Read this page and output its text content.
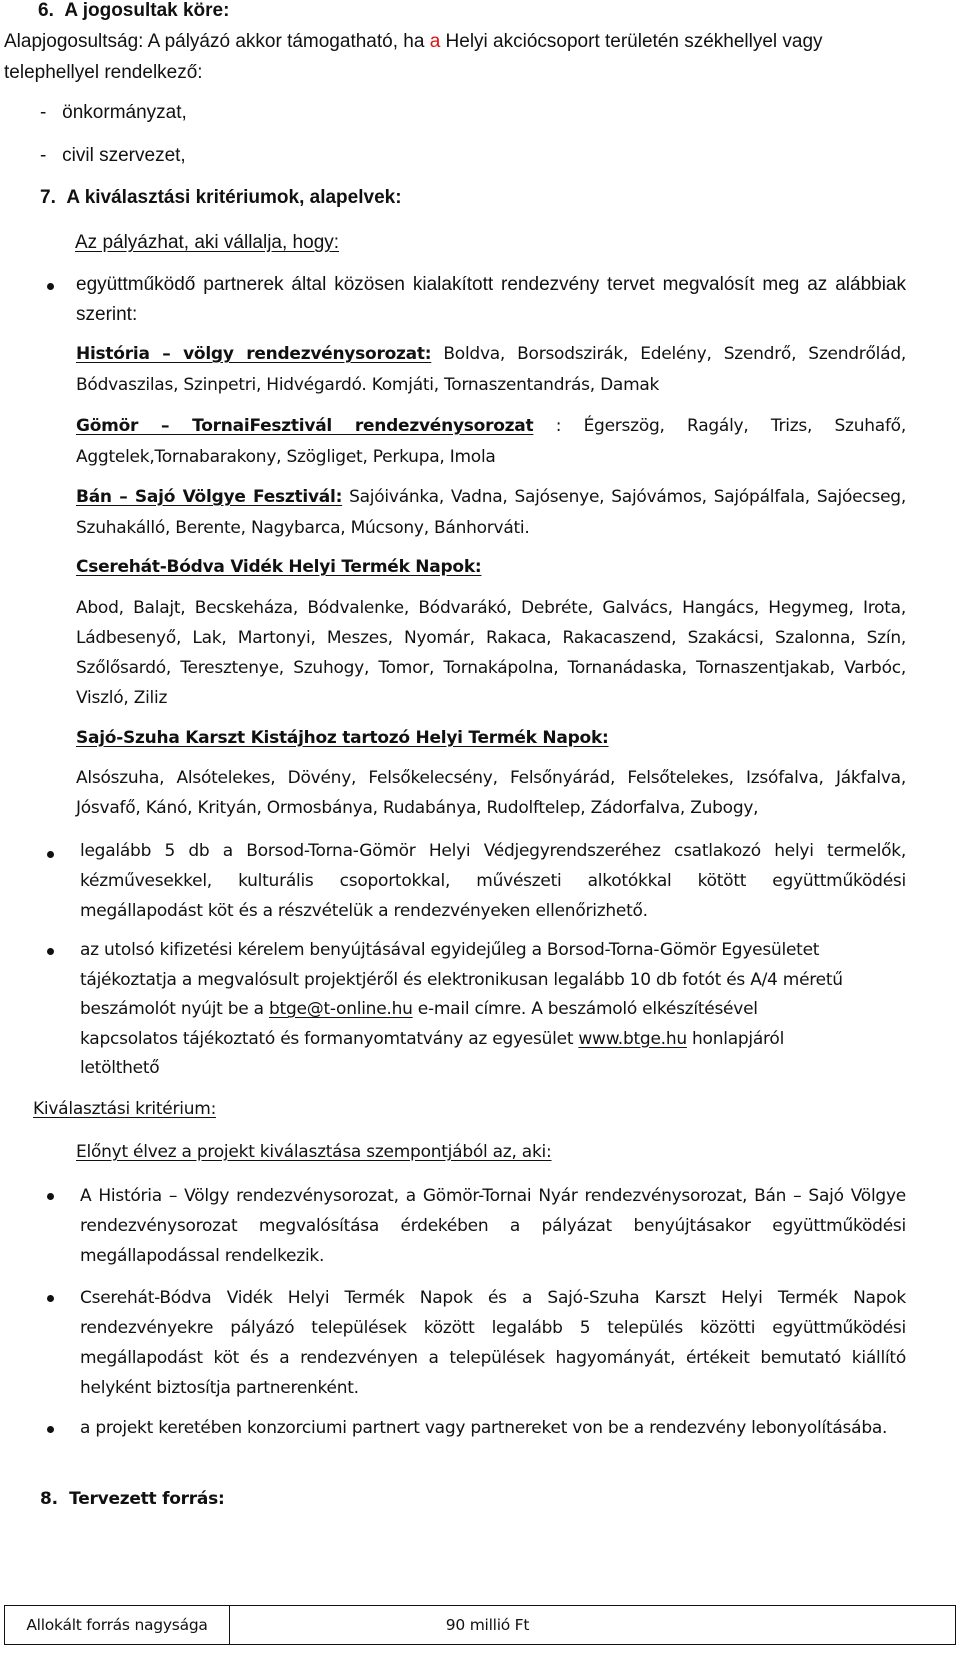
6.  A jogosultak köre:
Alapjogosultság: A pályázó akkor támogatható, ha a Helyi akciócsoport területén székhellyel vagy telephellyel rendelkező:
-   önkormányzat,
-   civil szervezet,
7.  A kiválasztási kritériumok, alapelvek:
Az pályázhat, aki vállalja, hogy:
együttműködő partnerek által közösen kialakított rendezvény tervet megvalósít meg az alábbiak szerint:
História – völgy rendezvénysorozat: Boldva, Borsodszirák, Edelény, Szendrő, Szendrőlád, Bódvaszilas, Szinpetri, Hidvégardó. Komjáti, Tornaszentandrás, Damak
Gömör – TornaiFesztivál rendezvénysorozat : Égerszög, Ragály, Trizs, Szuhafő, Aggtelek,Tornabarakony, Szögliget, Perkupa, Imola
Bán – Sajó Völgye Fesztivál: Sajóivánka, Vadna, Sajósenye, Sajóvámos, Sajópálfala, Sajóecseg, Szuhakálló, Berente, Nagybarca, Múcsony, Bánhorváti.
Cserehát-Bódva Vidék Helyi Termék Napok:
Abod, Balajt, Becskeháza, Bódvalenke, Bódvarákó, Debréte, Galvács, Hangács, Hegymeg, Irota, Ládbesenyő, Lak, Martonyi, Meszes, Nyomár, Rakaca, Rakacaszend, Szakácsi, Szalonna, Szín, Szőlősardó, Teresztenye, Szuhogy, Tomor, Tornakápolna, Tornanádaska, Tornaszentjakab, Varbóc, Viszló, Ziliz
Sajó-Szuha Karszt Kistájhoz tartozó Helyi Termék Napok:
Alsószuha, Alsótelekes, Dövény, Felsőkelecsény, Felsőnyárád, Felsőtelekes, Izsófalva, Jákfalva, Jósvafő, Kánó, Krityán, Ormosbánya, Rudabánya, Rudolftelep, Zádorfalva, Zubogy,
legalább 5 db a Borsod-Torna-Gömör Helyi Védjegyrendszeréhez csatlakozó helyi termelők, kézművesekkel, kulturális csoportokkal, művészeti alkotókkal kötött együttműködési megállapodást köt és a részvételük a rendezvényeken ellenőrizhető.
az utolsó kifizetési kérelem benyújtásával egyidejűleg a Borsod-Torna-Gömör Egyesületet
tájékoztatja a megvalósult projektjéről és elektronikusan legalább 10 db fotót és A/4 méretű
beszámolót nyújt be a btge@t-online.hu e-mail címre. A beszámoló elkészítésével
kapcsolatos tájékoztató és formanyomtatvány az egyesület www.btge.hu honlapjáról
letölthető
Kiválasztási kritérium:
Előnyt élvez a projekt kiválasztása szempontjából az, aki:
A História – Völgy rendezvénysorozat, a Gömör-Tornai Nyár rendezvénysorozat, Bán – Sajó Völgye rendezvénysorozat megvalósítása érdekében a pályázat benyújtásakor együttműködési megállapodással rendelkezik.
Cserehát-Bódva Vidék Helyi Termék Napok és a Sajó-Szuha Karszt Helyi Termék Napok rendezvényekre pályázó települések között legalább 5 település közötti együttműködési megállapodást köt és a rendezvényen a települések hagyományát, értékeit bemutató kiállító helyként biztosítja partnerenként.
a projekt keretében konzorciumi partnert vagy partnereket von be a rendezvény lebonyolításába.
8.  Tervezett forrás:
Allokált forrás nagysága	90 millió Ft
